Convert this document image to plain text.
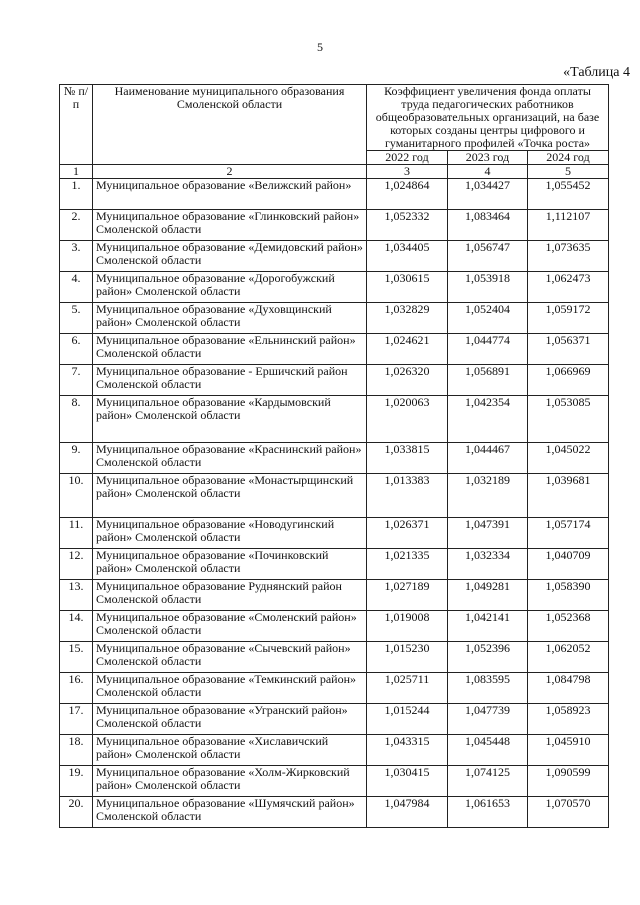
5
«Таблица 4
№ п/п	Наименование муниципального образования Смоленской области	Коэффициент увеличения фонда оплаты труда педагогических работников общеобразовательных организаций, на базе которых созданы центры цифрового и гуманитарного профилей «Точка роста»		
		2022 год	2023 год	2024 год
1	2	3	4	5
1.	Муниципальное образование «Велижский район»	1,024864	1,034427	1,055452
2.	Муниципальное образование «Глинковский район» Смоленской области	1,052332	1,083464	1,112107
3.	Муниципальное образование «Демидовский район» Смоленской области	1,034405	1,056747	1,073635
4.	Муниципальное образование «Дорогобужский район» Смоленской области	1,030615	1,053918	1,062473
5.	Муниципальное образование «Духовщинский район» Смоленской области	1,032829	1,052404	1,059172
6.	Муниципальное образование «Ельнинский район» Смоленской области	1,024621	1,044774	1,056371
7.	Муниципальное образование - Ершичский район Смоленской области	1,026320	1,056891	1,066969
8.	Муниципальное образование «Кардымовский район» Смоленской области	1,020063	1,042354	1,053085
9.	Муниципальное образование «Краснинский район» Смоленской области	1,033815	1,044467	1,045022
10.	Муниципальное образование «Монастырщинский район» Смоленской области	1,013383	1,032189	1,039681
11.	Муниципальное образование «Новодугинский район» Смоленской области	1,026371	1,047391	1,057174
12.	Муниципальное образование «Починковский район» Смоленской области	1,021335	1,032334	1,040709
13.	Муниципальное образование Руднянский район Смоленской области	1,027189	1,049281	1,058390
14.	Муниципальное образование «Смоленский район» Смоленской области	1,019008	1,042141	1,052368
15.	Муниципальное образование «Сычевский район» Смоленской области	1,015230	1,052396	1,062052
16.	Муниципальное образование «Темкинский район» Смоленской области	1,025711	1,083595	1,084798
17.	Муниципальное образование «Угранский район» Смоленской области	1,015244	1,047739	1,058923
18.	Муниципальное образование «Хиславичский район» Смоленской области	1,043315	1,045448	1,045910
19.	Муниципальное образование «Холм-Жирковский район» Смоленской области	1,030415	1,074125	1,090599
20.	Муниципальное образование «Шумячский район» Смоленской области	1,047984	1,061653	1,070570
